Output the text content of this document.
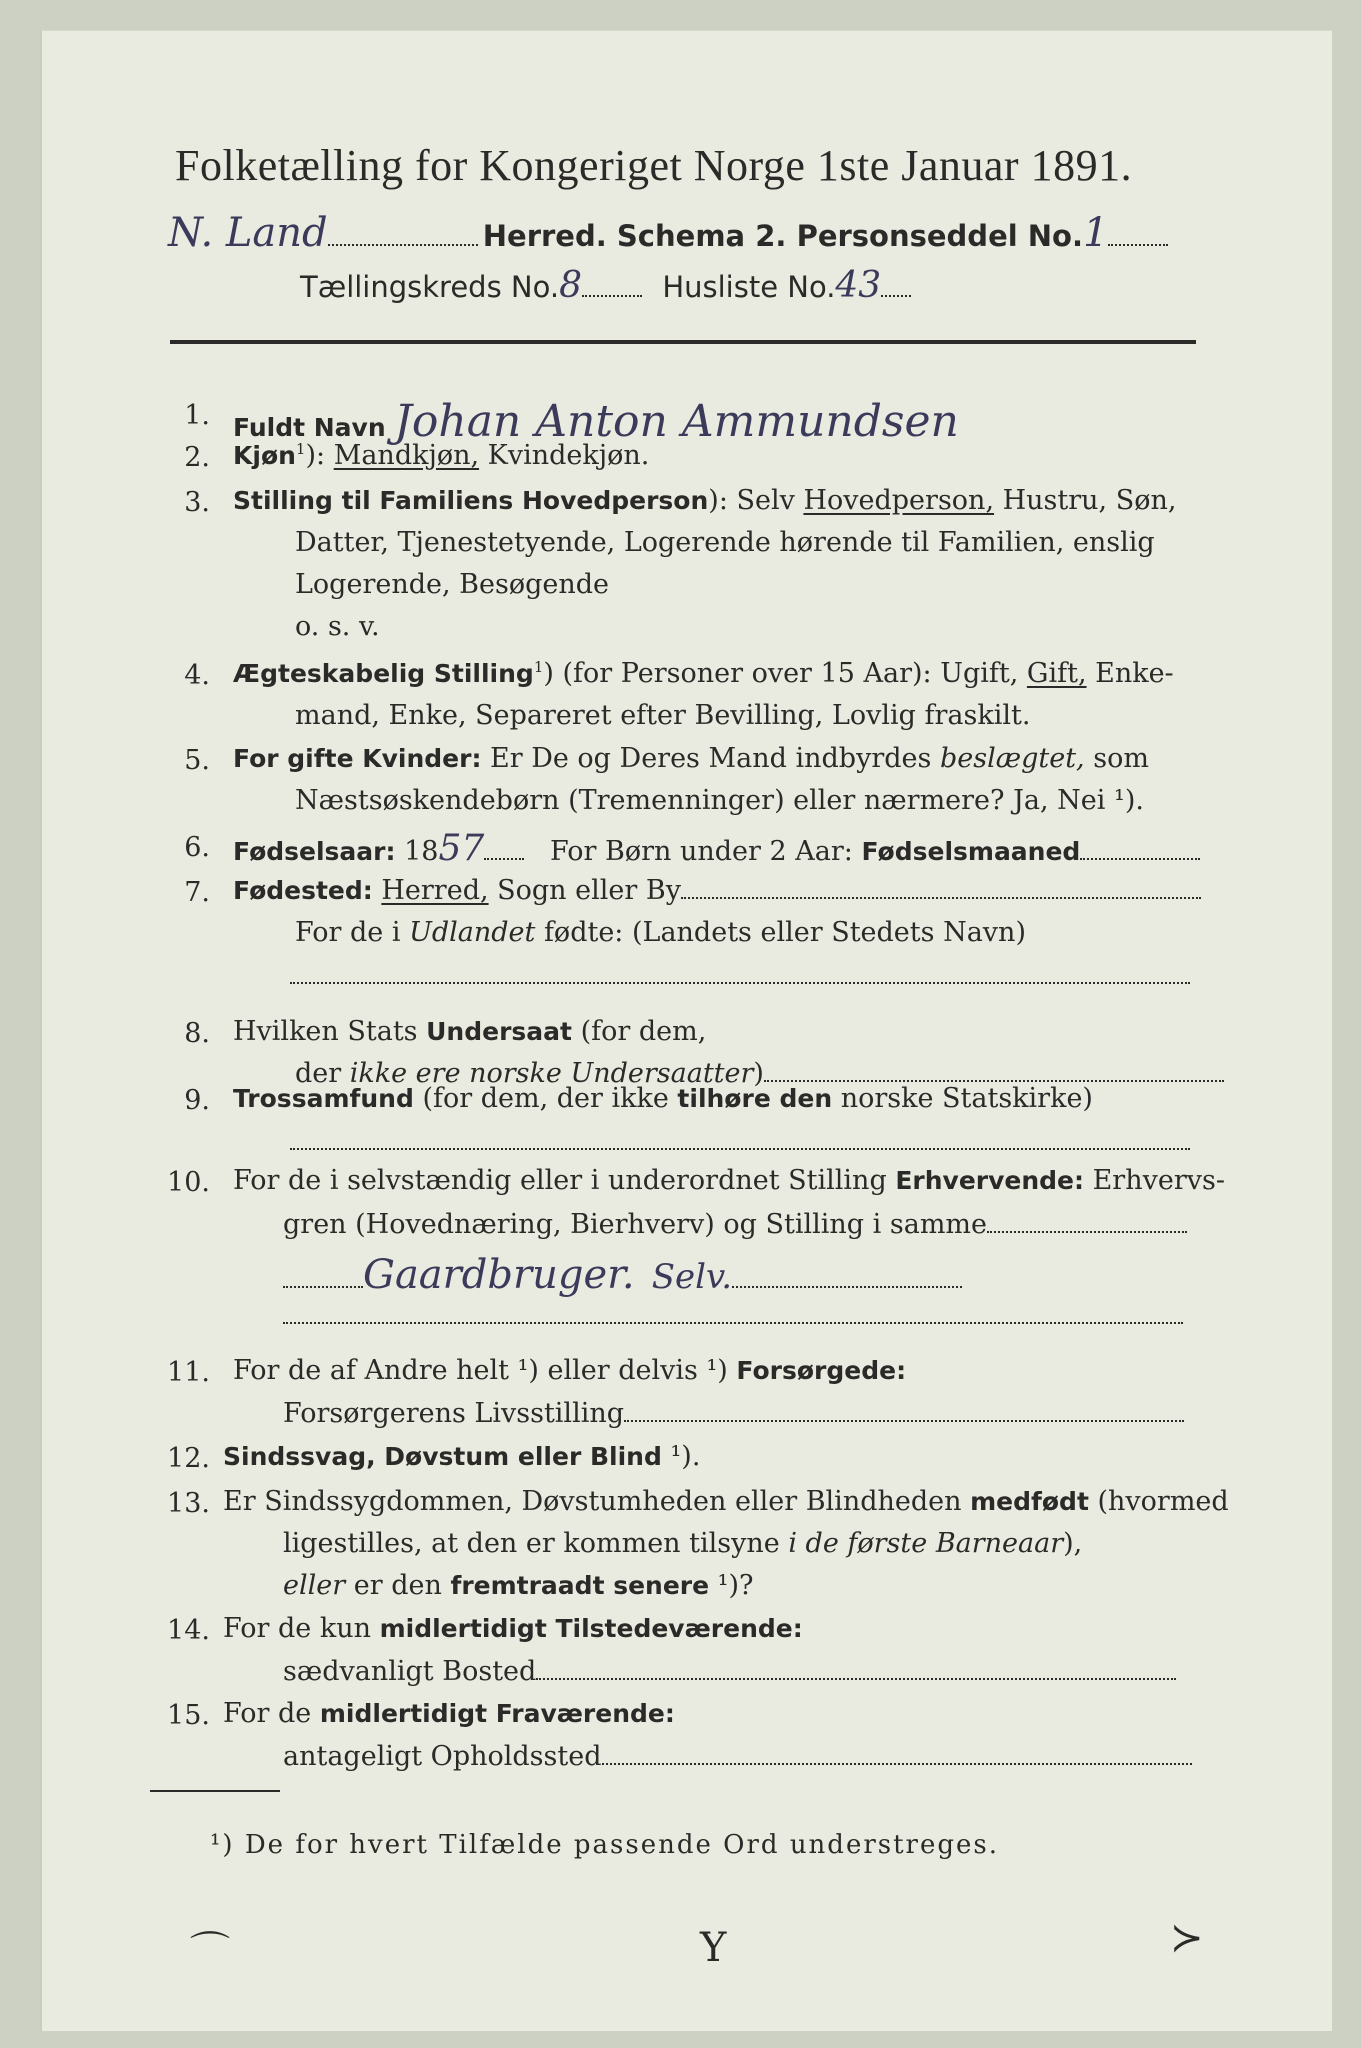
Folketælling for Kongeriget Norge 1ste Januar 1891.
N. Land	Herred. Schema 2. Personseddel No.1
Tællingskreds No.8	Husliste No.43
1. Fuldt Navn Johan Anton Ammundsen
2. Kjøn$^1$): Mandkjøn, Kvindekjøn.
3. Stilling til Familiens Hovedperson): Selv Hovedperson, Hustru, Søn,
Datter, Tjenestetyende, Logerende hørende til Familien, enslig
Logerende, Besøgende
o. s. v.
4. Ægteskabelig Stilling$^1$) (for Personer over 15 Aar): Ugift, Gift, Enke-
mand, Enke, Separeret efter Bevilling, Lovlig fraskilt.
5. For gifte Kvinder: Er De og Deres Mand indbyrdes beslægtet, som
Næstsøskendebørn (Tremenninger) eller nærmere? Ja, Nei ¹).
6. Fødselsaar: 1857 For Børn under 2 Aar: Fødselsmaaned
7. Fødested: Herred, Sogn eller By
For de i Udlandet fødte: (Landets eller Stedets Navn)
8. Hvilken Stats Undersaat (for dem,
der ikke ere norske Undersaatter)
9. Trossamfund (for dem, der ikke tilhøre den norske Statskirke)
10. For de i selvstændig eller i underordnet Stilling Erhvervende: Erhvervs-
gren (Hovednæring, Bierhverv) og Stilling i samme
Gaardbruger. Selv.
11. For de af Andre helt ¹) eller delvis ¹) Forsørgede:
Forsørgerens Livsstilling
12. Sindssvag, Døvstum eller Blind ¹).
13. Er Sindssygdommen, Døvstumheden eller Blindheden medfødt (hvormed
ligestilles, at den er kommen tilsyne i de første Barneaar),
eller er den fremtraadt senere ¹)?
14. For de kun midlertidigt Tilstedeværende:
sædvanligt Bosted
15. For de midlertidigt Fraværende:
antageligt Opholdssted
¹) De for hvert Tilfælde passende Ord understreges.
⌒	Y	≻
